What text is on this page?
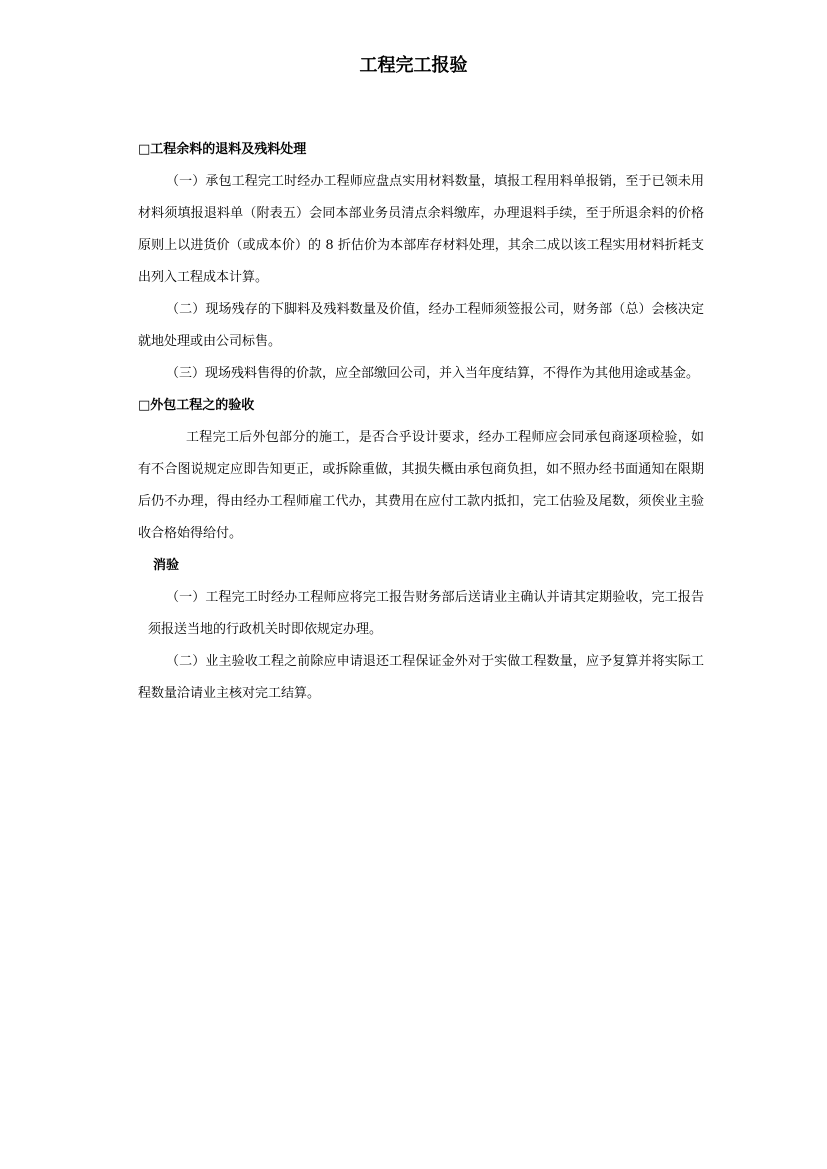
工程完工报验
□工程余料的退料及残料处理

（一）承包工程完工时经办工程师应盘点实用材料数量，填报工程用料单报销，至于已领未用材料须填报退料单（附表五）会同本部业务员清点余料缴库，办理退料手续，至于所退余料的价格原则上以进货价（或成本价）的 8 折估价为本部库存材料处理，其余二成以该工程实用材料折耗支出列入工程成本计算。

（二）现场残存的下脚料及残料数量及价值，经办工程师须签报公司，财务部（总）会核决定就地处理或由公司标售。

（三）现场残料售得的价款，应全部缴回公司，并入当年度结算，不得作为其他用途或基金。

□外包工程之的验收

工程完工后外包部分的施工，是否合乎设计要求，经办工程师应会同承包商逐项检验，如有不合图说规定应即告知更正，或拆除重做，其损失概由承包商负担，如不照办经书面通知在限期后仍不办理，得由经办工程师雇工代办，其费用在应付工款内抵扣，完工估验及尾数，须俟业主验收合格始得给付。

消验

（一）工程完工时经办工程师应将完工报告财务部后送请业主确认并请其定期验收，完工报告须报送当地的行政机关时即依规定办理。

（二）业主验收工程之前除应申请退还工程保证金外对于实做工程数量，应予复算并将实际工程数量洽请业主核对完工结算。
